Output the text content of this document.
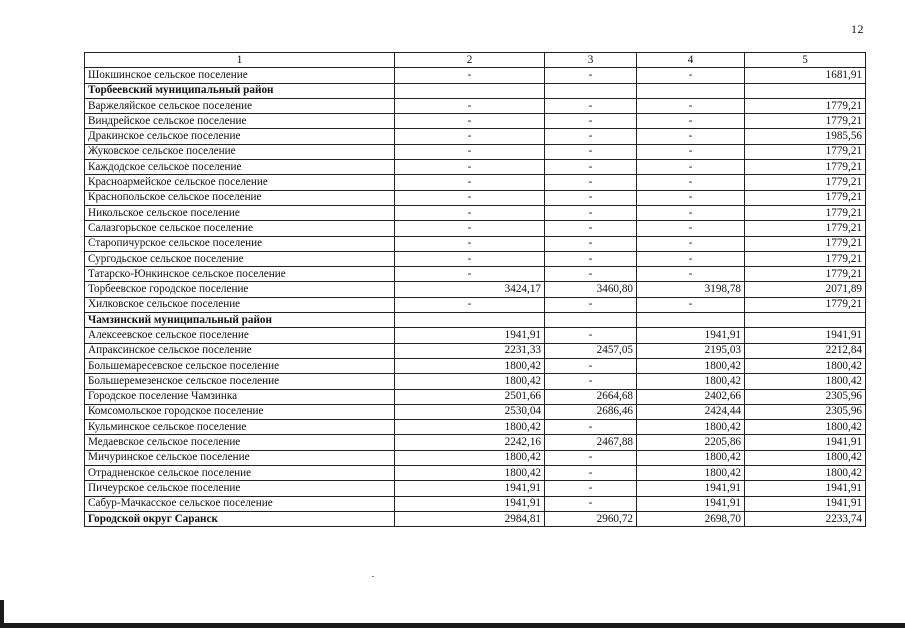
12
1	2	3	4	5
Шокшинское сельское поселение	-	-	-	1681,91
Торбеевский муниципальный район				
Варжеляйское сельское поселение	-	-	-	1779,21
Виндрейское сельское поселение	-	-	-	1779,21
Дракинское сельское поселение	-	-	-	1985,56
Жуковское сельское поселение	-	-	-	1779,21
Каждодское сельское поселение	-	-	-	1779,21
Красноармейское сельское поселение	-	-	-	1779,21
Краснопольское сельское поселение	-	-	-	1779,21
Никольское сельское поселение	-	-	-	1779,21
Салазгорьское сельское поселение	-	-	-	1779,21
Старопичурское сельское поселение	-	-	-	1779,21
Сургодьское сельское поселение	-	-	-	1779,21
Татарско-Юнкинское сельское поселение	-	-	-	1779,21
Торбеевское городское поселение	3424,17	3460,80	3198,78	2071,89
Хилковское сельское поселение	-	-	-	1779,21
Чамзинский муниципальный район				
Алексеевское сельское поселение	1941,91	-	1941,91	1941,91
Апраксинское сельское поселение	2231,33	2457,05	2195,03	2212,84
Большемаресевское сельское поселение	1800,42	-	1800,42	1800,42
Большеремезенское сельское поселение	1800,42	-	1800,42	1800,42
Городское поселение Чамзинка	2501,66	2664,68	2402,66	2305,96
Комсомольское городское поселение	2530,04	2686,46	2424,44	2305,96
Кульминское сельское поселение	1800,42	-	1800,42	1800,42
Медаевское сельское поселение	2242,16	2467,88	2205,86	1941,91
Мичуринское сельское поселение	1800,42	-	1800,42	1800,42
Отрадненское сельское поселение	1800,42	-	1800,42	1800,42
Пичеурское сельское поселение	1941,91	-	1941,91	1941,91
Сабур-Мачкасское сельское поселение	1941,91	-	1941,91	1941,91
Городской округ Саранск	2984,81	2960,72	2698,70	2233,74
